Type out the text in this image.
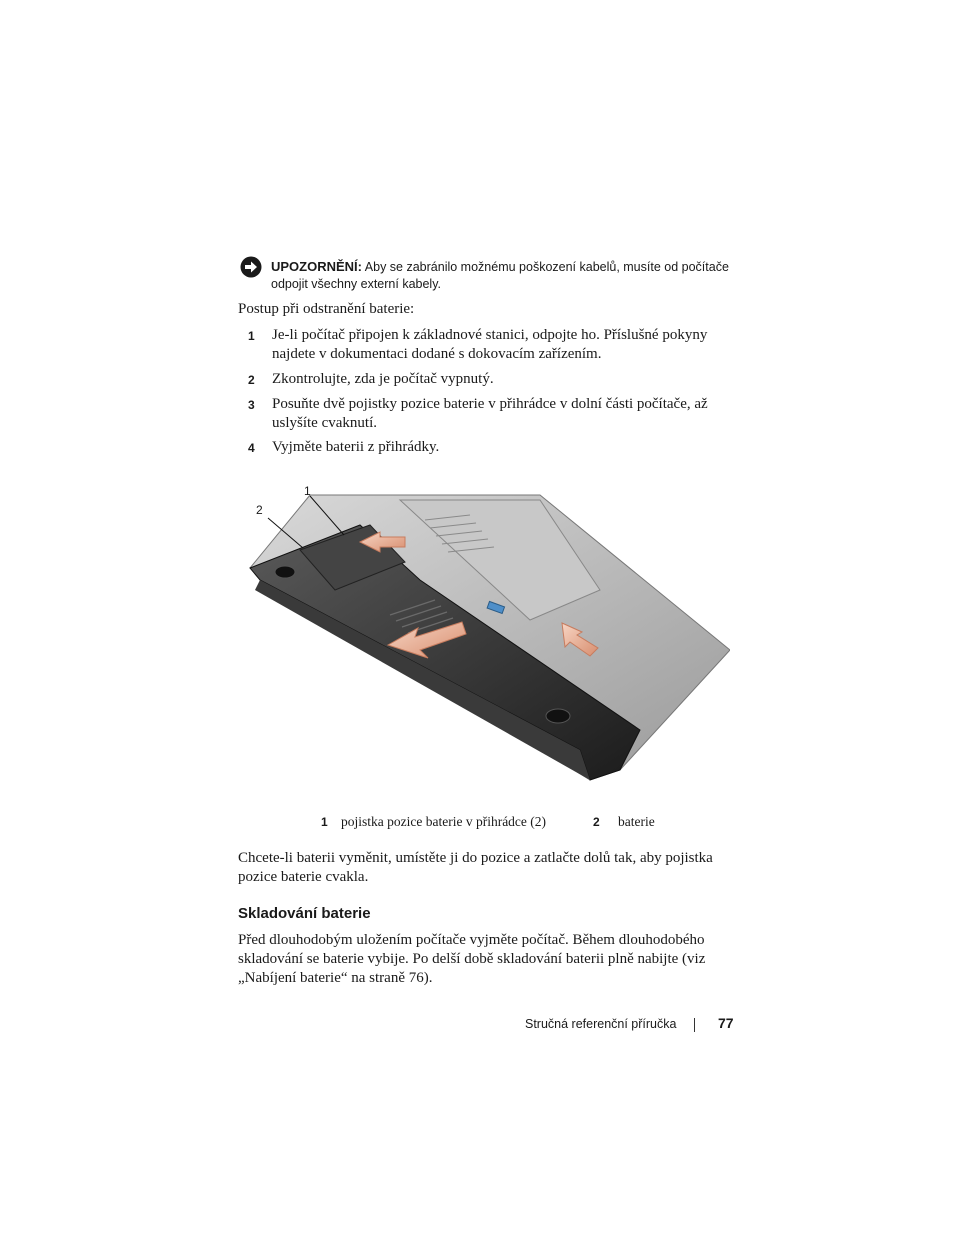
UPOZORNĚNÍ: Aby se zabránilo možnému poškození kabelů, musíte od počítače odpojit všechny externí kabely.
Postup při odstranění baterie:
1	Je-li počítač připojen k základnové stanici, odpojte ho. Příslušné pokyny najdete v dokumentaci dodané s dokovacím zařízením.
2	Zkontrolujte, zda je počítač vypnutý.
3	Posuňte dvě pojistky pozice baterie v přihrádce v dolní části počítače, až uslyšíte cvaknutí.
4	Vyjměte baterii z přihrádky.
1
2
1 pojistka pozice baterie v přihrádce (2)	2 baterie
Chcete-li baterii vyměnit, umístěte ji do pozice a zatlačte dolů tak, aby pojistka pozice baterie cvakla.
Skladování baterie
Před dlouhodobým uložením počítače vyjměte počítač. Během dlouhodobého skladování se baterie vybije. Po delší době skladování baterii plně nabijte (viz „Nabíjení baterie“ na straně 76).
Stručná referenční příručka	77
